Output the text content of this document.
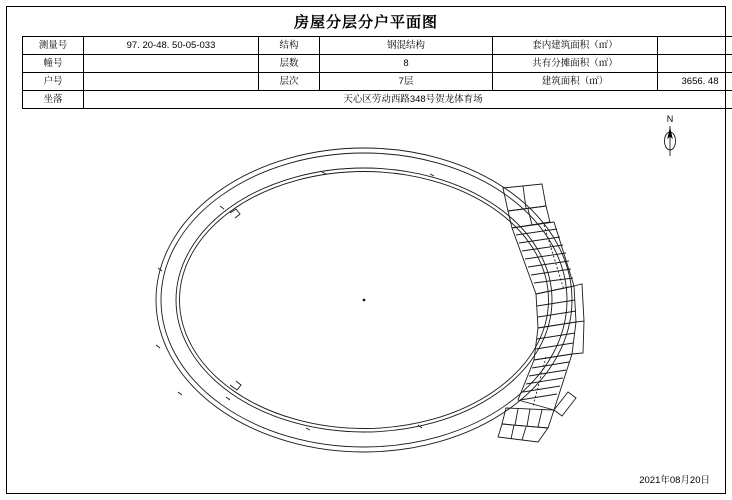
房屋分层分户平面图
测量号	97. 20-48. 50-05-033	结构	钢混结构	套内建筑面积（㎡）	
幢号		层数	8	共有分摊面积（㎡）	
户号		层次	7层	建筑面积（㎡）	3656. 48
坐落	天心区劳动西路348号贺龙体育场				
N
2021年08月20日
